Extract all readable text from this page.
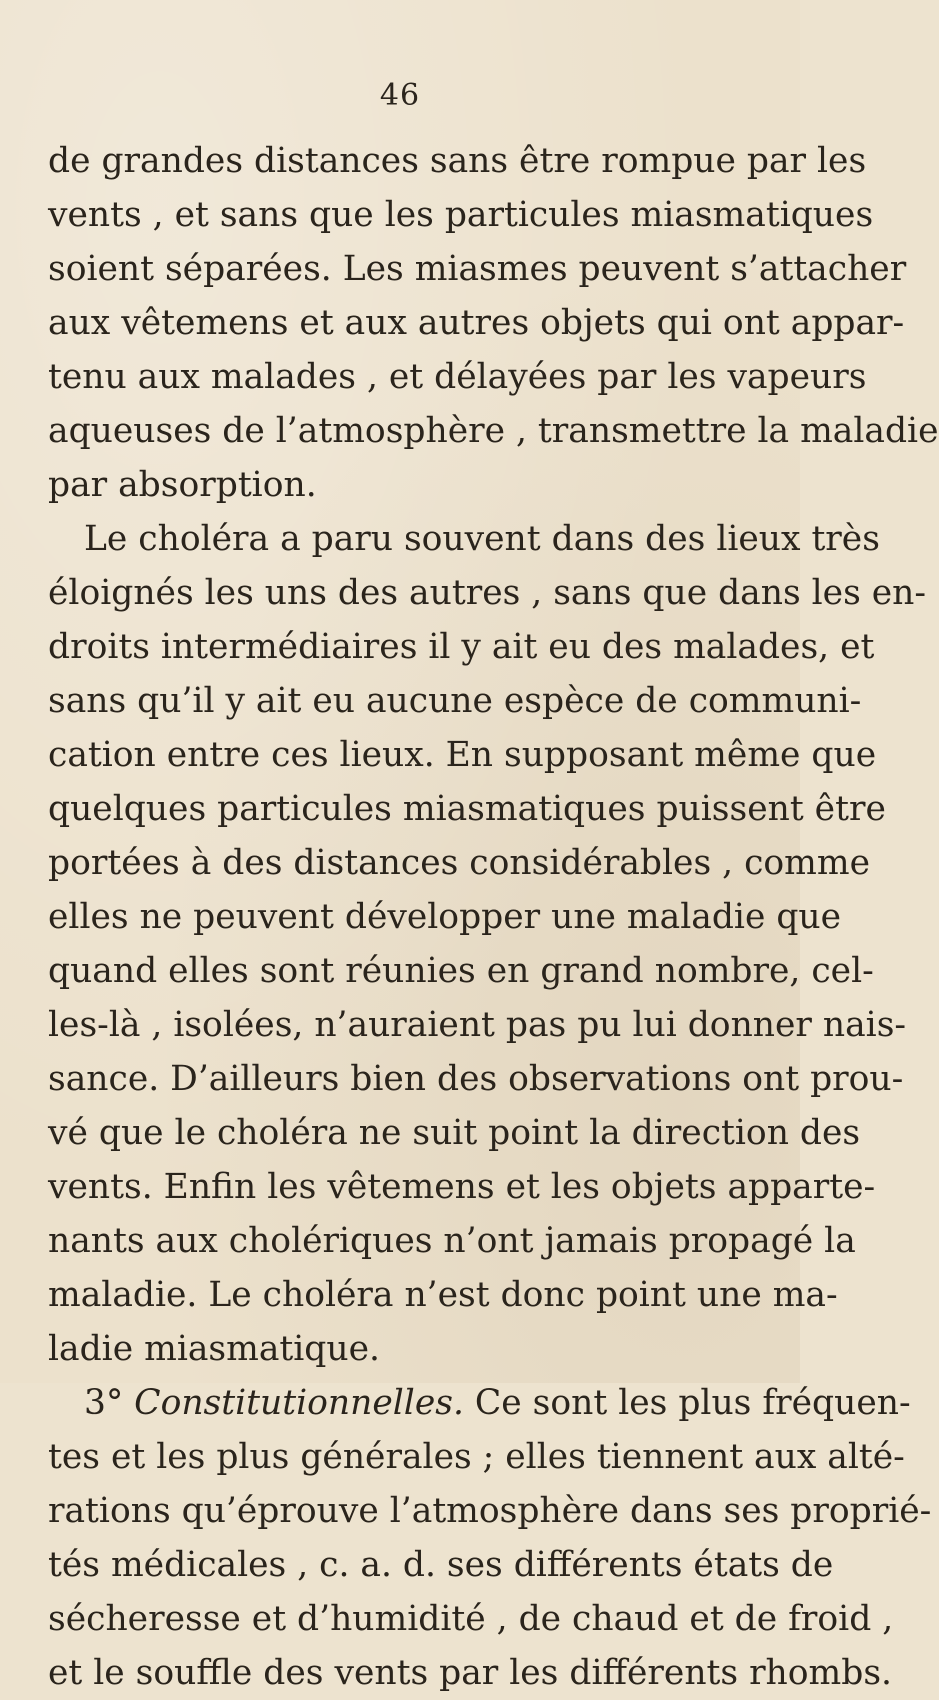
46
de grandes distances sans être rompue par les
vents , et sans que les particules miasmatiques
soient séparées. Les miasmes peuvent s’attacher
aux vêtemens et aux autres objets qui ont appar-
tenu aux malades , et délayées par les vapeurs
aqueuses de l’atmosphère , transmettre la maladie
par absorption.
Le choléra a paru souvent dans des lieux très
éloignés les uns des autres , sans que dans les en-
droits intermédiaires il y ait eu des malades, et
sans qu’il y ait eu aucune espèce de communi-
cation entre ces lieux. En supposant même que
quelques particules miasmatiques puissent être
portées à des distances considérables , comme
elles ne peuvent développer une maladie que
quand elles sont réunies en grand nombre, cel-
les-là , isolées, n’auraient pas pu lui donner nais-
sance. D’ailleurs bien des observations ont prou-
vé que le choléra ne suit point la direction des
vents. Enfin les vêtemens et les objets apparte-
nants aux cholériques n’ont jamais propagé la
maladie. Le choléra n’est donc point une ma-
ladie miasmatique.
3° Constitutionnelles. Ce sont les plus fréquen-
tes et les plus générales ; elles tiennent aux alté-
rations qu’éprouve l’atmosphère dans ses proprié-
tés médicales , c. a. d. ses différents états de
sécheresse et d’humidité , de chaud et de froid ,
et le souffle des vents par les différents rhombs.
